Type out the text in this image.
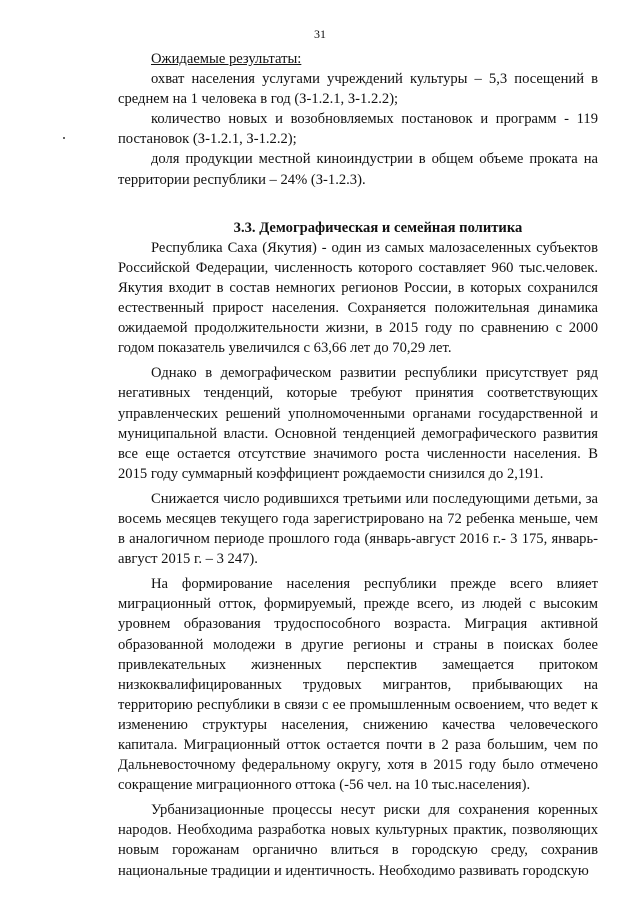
31

Ожидаемые результаты:

охват населения услугами учреждений культуры – 5,3 посещений в среднем на 1 человека в год (З-1.2.1, З-1.2.2);

количество новых и возобновляемых постановок и программ - 119 постановок (З-1.2.1, З-1.2.2);

доля продукции местной киноиндустрии в общем объеме проката на территории республики – 24% (З-1.2.3).

3.3. Демографическая и семейная политика

Республика Саха (Якутия) - один из самых малозаселенных субъектов Российской Федерации, численность которого составляет 960 тыс.человек. Якутия входит в состав немногих регионов России, в которых сохранился естественный прирост населения. Сохраняется положительная динамика ожидаемой продолжительности жизни, в 2015 году по сравнению с 2000 годом показатель увеличился с 63,66 лет до 70,29 лет.

Однако в демографическом развитии республики присутствует ряд негативных тенденций, которые требуют принятия соответствующих управленческих решений уполномоченными органами государственной и муниципальной власти. Основной тенденцией демографического развития все еще остается отсутствие значимого роста численности населения. В 2015 году суммарный коэффициент рождаемости снизился до 2,191.

Снижается число родившихся третьими или последующими детьми, за восемь месяцев текущего года зарегистрировано на 72 ребенка меньше, чем в аналогичном периоде прошлого года (январь-август 2016 г.- 3 175, январь-август 2015 г. – 3 247).

На формирование населения республики прежде всего влияет миграционный отток, формируемый, прежде всего, из людей с высоким уровнем образования трудоспособного возраста. Миграция активной образованной молодежи в другие регионы и страны в поисках более привлекательных жизненных перспектив замещается притоком низкоквалифицированных трудовых мигрантов, прибывающих на территорию республики в связи с ее промышленным освоением, что ведет к изменению структуры населения, снижению качества человеческого капитала. Миграционный отток остается почти в 2 раза большим, чем по Дальневосточному федеральному округу, хотя в 2015 году было отмечено сокращение миграционного оттока (-56 чел. на 10 тыс.населения).

Урбанизационные процессы несут риски для сохранения коренных народов. Необходима разработка новых культурных практик, позволяющих новым горожанам органично влиться в городскую среду, сохранив национальные традиции и идентичность. Необходимо развивать городскую
